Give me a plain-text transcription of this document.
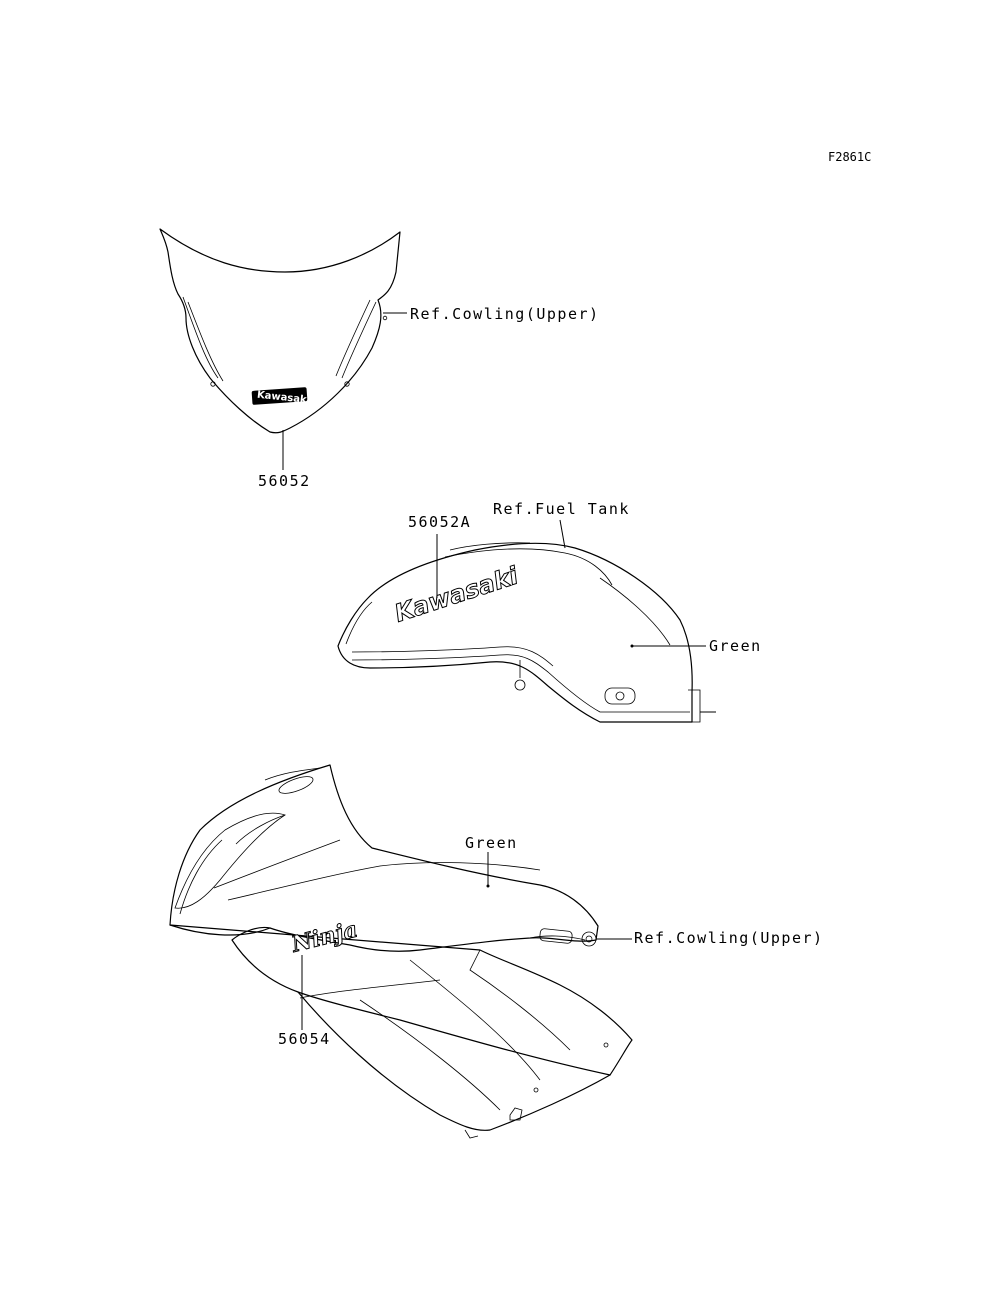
F2861C
Kawasaki
Ref.Cowling(Upper)
56052
Kawasaki
56052A
Ref.Fuel Tank
Green
Ninja
Green
Ref.Cowling(Upper)
56054
